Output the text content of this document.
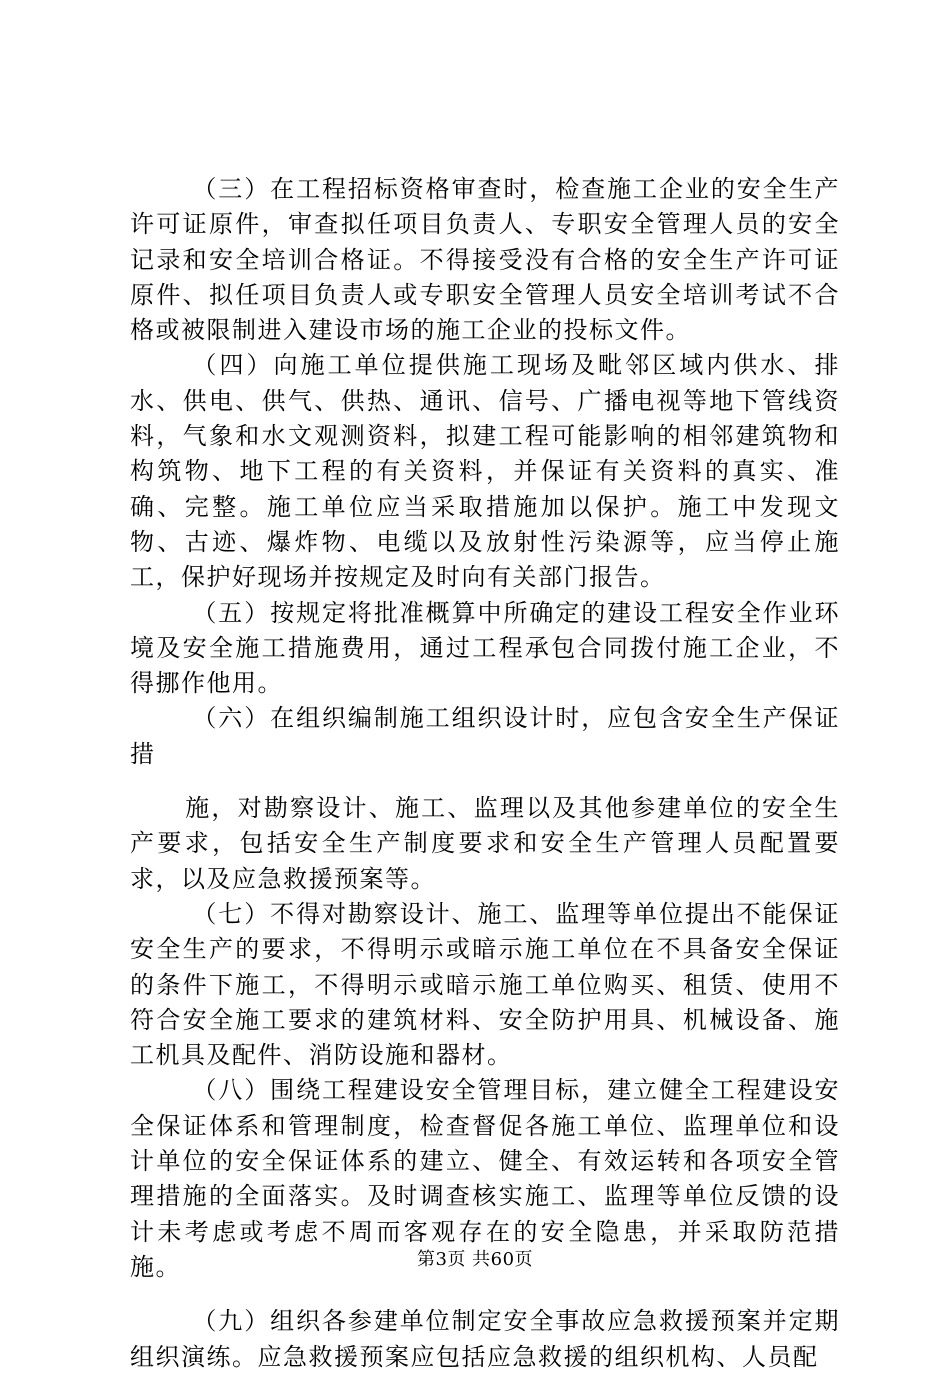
（三）在工程招标资格审查时，检查施工企业的安全生产许可证原件，审查拟任项目负责人、专职安全管理人员的安全记录和安全培训合格证。不得接受没有合格的安全生产许可证原件、拟任项目负责人或专职安全管理人员安全培训考试不合格或被限制进入建设市场的施工企业的投标文件。

（四）向施工单位提供施工现场及毗邻区域内供水、排水、供电、供气、供热、通讯、信号、广播电视等地下管线资料，气象和水文观测资料，拟建工程可能影响的相邻建筑物和构筑物、地下工程的有关资料，并保证有关资料的真实、准确、完整。施工单位应当采取措施加以保护。施工中发现文物、古迹、爆炸物、电缆以及放射性污染源等，应当停止施工，保护好现场并按规定及时向有关部门报告。

（五）按规定将批准概算中所确定的建设工程安全作业环境及安全施工措施费用，通过工程承包合同拨付施工企业，不得挪作他用。

（六）在组织编制施工组织设计时，应包含安全生产保证措

施，对勘察设计、施工、监理以及其他参建单位的安全生产要求，包括安全生产制度要求和安全生产管理人员配置要求，以及应急救援预案等。

（七）不得对勘察设计、施工、监理等单位提出不能保证安全生产的要求，不得明示或暗示施工单位在不具备安全保证的条件下施工，不得明示或暗示施工单位购买、租赁、使用不符合安全施工要求的建筑材料、安全防护用具、机械设备、施工机具及配件、消防设施和器材。

（八）围绕工程建设安全管理目标，建立健全工程建设安全保证体系和管理制度，检查督促各施工单位、监理单位和设计单位的安全保证体系的建立、健全、有效运转和各项安全管理措施的全面落实。及时调查核实施工、监理等单位反馈的设计未考虑或考虑不周而客观存在的安全隐患，并采取防范措施。

（九）组织各参建单位制定安全事故应急救援预案并定期组织演练。应急救援预案应包括应急救援的组织机构、人员配

第3页 共60页
